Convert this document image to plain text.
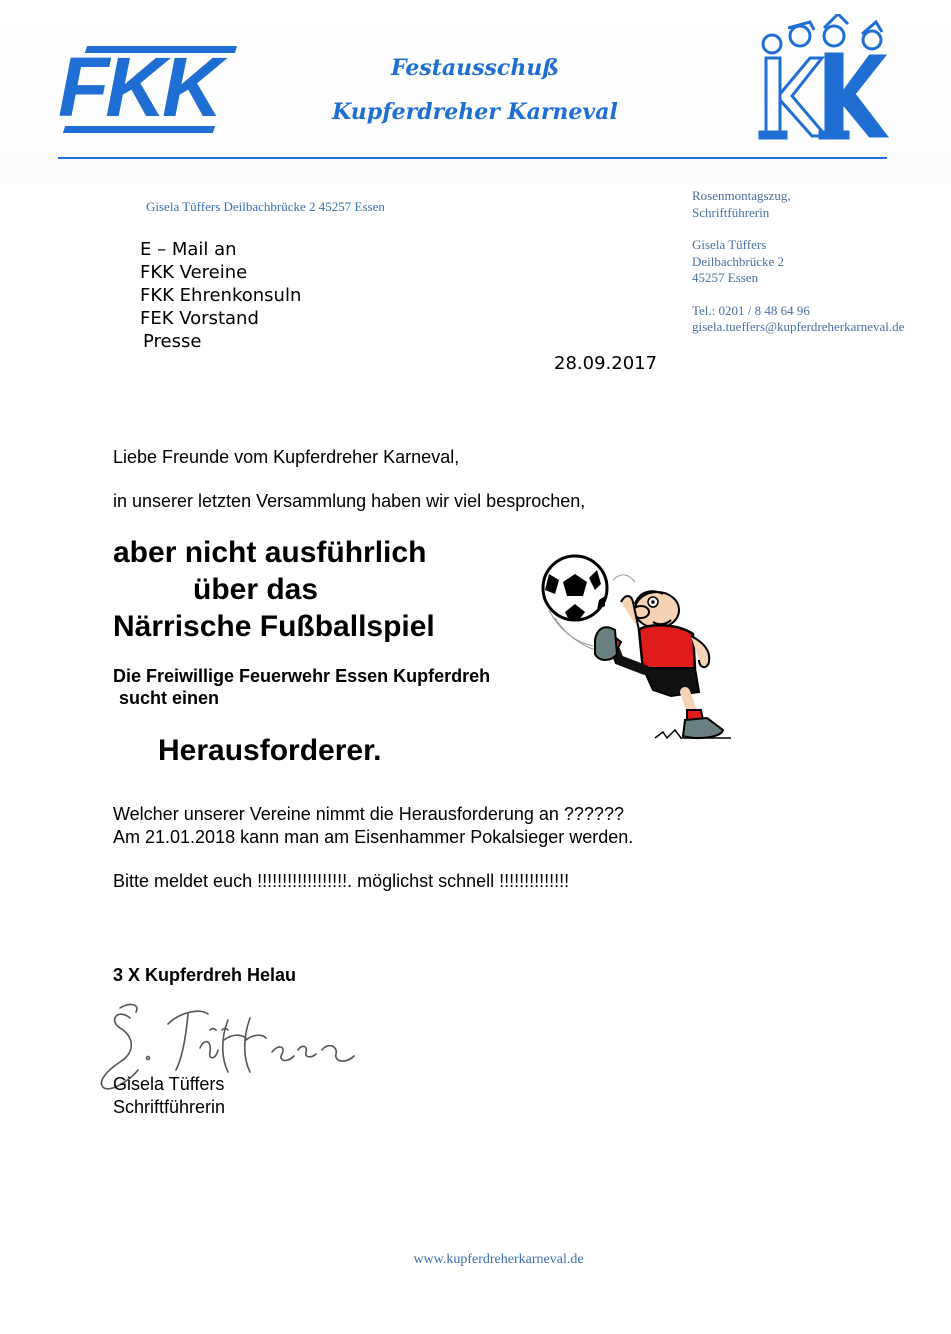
FKK	Festausschuß
Kupferdreher Karneval
Gisela Tüffers Deilbachbrücke 2 45257 Essen
Rosenmontagszug,
Schriftführerin
Gisela Tüffers
Deilbachbrücke 2
45257 Essen
Tel.: 0201 / 8 48 64 96
gisela.tueffers@kupferdreherkarneval.de
E – Mail an
FKK Vereine
FKK Ehrenkonsuln
FEK Vorstand
Presse
28.09.2017
Liebe Freunde vom Kupferdreher Karneval,
in unserer letzten Versammlung haben wir viel besprochen,
aber nicht ausführlich
über das
Närrische Fußballspiel
Die Freiwillige Feuerwehr Essen Kupferdreh
sucht einen
Herausforderer.
Welcher unserer Vereine nimmt die Herausforderung an ??????
Am 21.01.2018 kann man am Eisenhammer Pokalsieger werden.
Bitte meldet euch !!!!!!!!!!!!!!!!!!. möglichst schnell !!!!!!!!!!!!!!
3 X Kupferdreh Helau
Gisela Tüffers
Schriftführerin
www.kupferdreherkarneval.de
